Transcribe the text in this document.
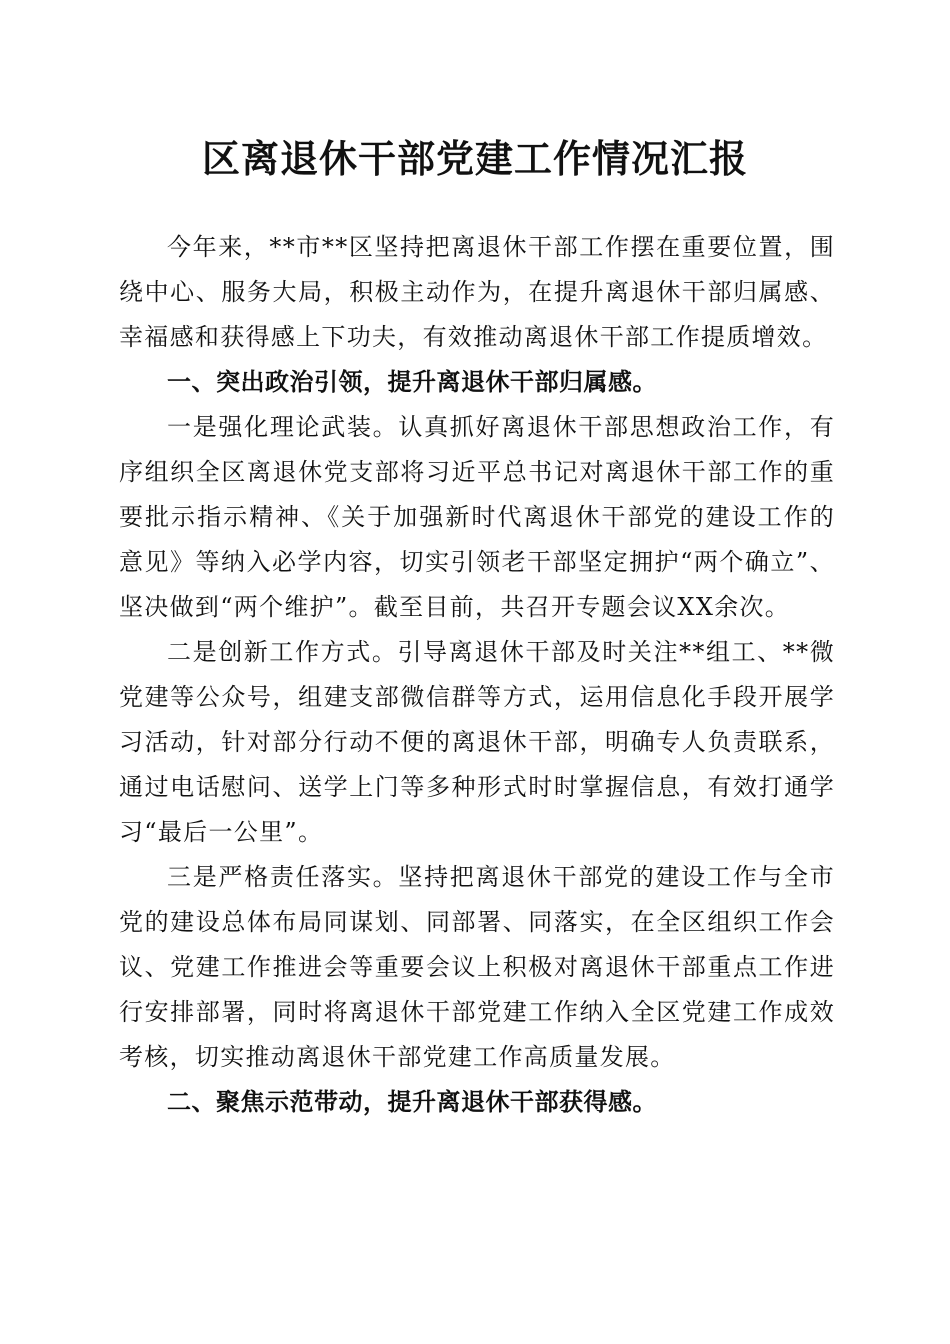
区离退休干部党建工作情况汇报

今年来，**市**区坚持把离退休干部工作摆在重要位置，围绕中心、服务大局，积极主动作为，在提升离退休干部归属感、幸福感和获得感上下功夫，有效推动离退休干部工作提质增效。

一、突出政治引领，提升离退休干部归属感。

一是强化理论武装。认真抓好离退休干部思想政治工作，有序组织全区离退休党支部将习近平总书记对离退休干部工作的重要批示指示精神、《关于加强新时代离退休干部党的建设工作的意见》等纳入必学内容，切实引领老干部坚定拥护“两个确立”、坚决做到“两个维护”。截至目前，共召开专题会议XX余次。

二是创新工作方式。引导离退休干部及时关注**组工、**微党建等公众号，组建支部微信群等方式，运用信息化手段开展学习活动，针对部分行动不便的离退休干部，明确专人负责联系，通过电话慰问、送学上门等多种形式时时掌握信息，有效打通学习“最后一公里”。

三是严格责任落实。坚持把离退休干部党的建设工作与全市党的建设总体布局同谋划、同部署、同落实，在全区组织工作会议、党建工作推进会等重要会议上积极对离退休干部重点工作进行安排部署，同时将离退休干部党建工作纳入全区党建工作成效考核，切实推动离退休干部党建工作高质量发展。

二、聚焦示范带动，提升离退休干部获得感。
